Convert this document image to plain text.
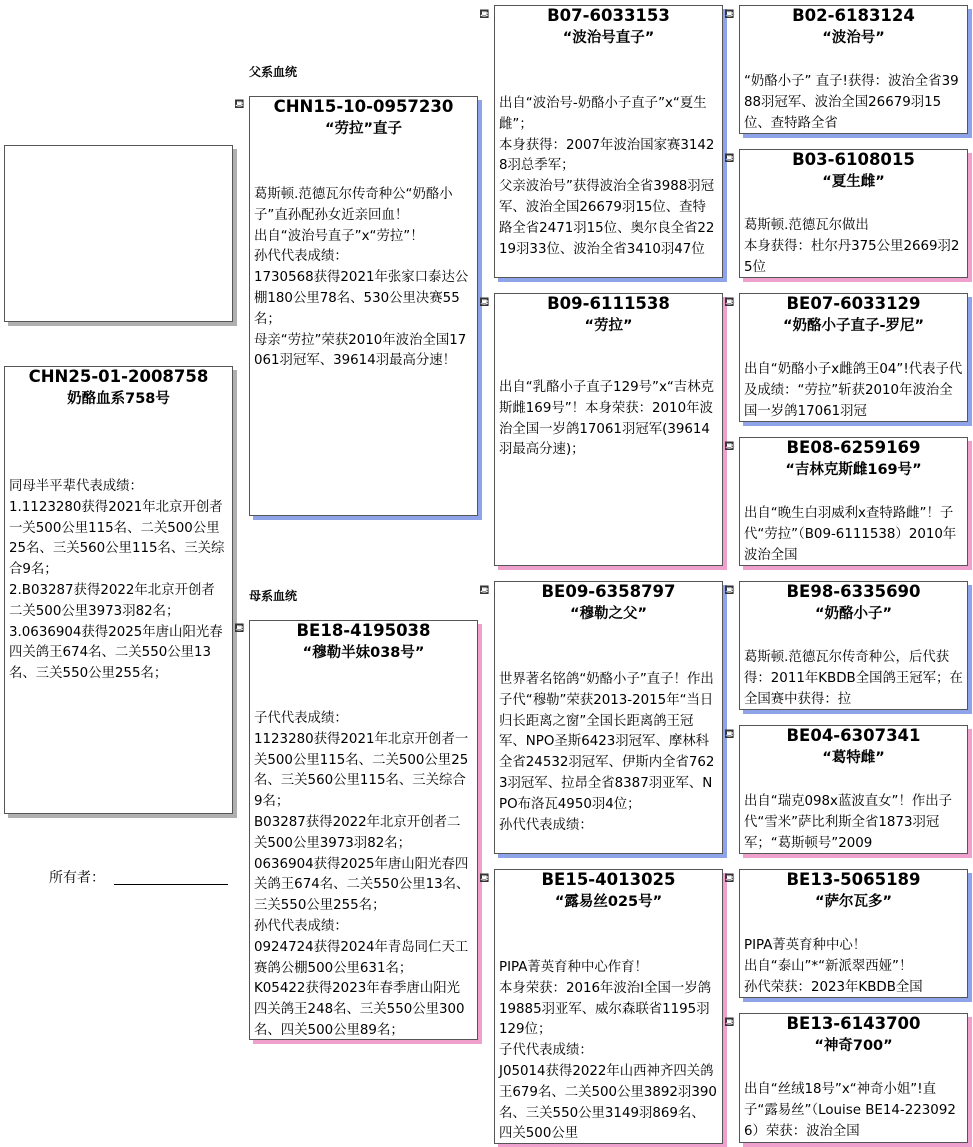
CHN25-01-2008758
奶酪血系758号
同母半平辈代表成绩：
1.1123280获得2021年北京开创者一关500公里115名、二关500公里25名、三关560公里115名、三关综合9名；
2.B03287获得2022年北京开创者二关500公里3973羽82名；
3.0636904获得2025年唐山阳光春四关鸽王674名、二关550公里13名、三关550公里255名；
所有者：
父系血统
母系血统
⛾	CHN15-10-0957230
“劳拉”直子
葛斯顿.范德瓦尔传奇种公“奶酪小子”直孙配孙女近亲回血！
出自“波治号直子”x“劳拉”！
孙代代表成绩：
1730568获得2021年张家口泰达公棚180公里78名、530公里决赛55名；
母亲“劳拉”荣获2010年波治全国17061羽冠军、39614羽最高分速！
⛾	BE18-4195038
“穆勒半妹038号”
子代代表成绩：
1123280获得2021年北京开创者一关500公里115名、二关500公里25名、三关560公里115名、三关综合9名；
B03287获得2022年北京开创者二关500公里3973羽82名；
0636904获得2025年唐山阳光春四关鸽王674名、二关550公里13名、三关550公里255名；
孙代代表成绩：
0924724获得2024年青岛同仁天工赛鸽公棚500公里631名；
K05422获得2023年春季唐山阳光四关鸽王248名、三关550公里300名、四关500公里89名；
⛾	B07-6033153
“波治号直子”
出自“波治号-奶酪小子直子”x“夏生雌”；
本身获得：2007年波治国家赛31428羽总季军；
父亲波治号”获得波治全省3988羽冠军、波治全国26679羽15位、查特路全省2471羽15位、奥尔良全省2219羽33位、波治全省3410羽47位
⛾	B09-6111538
“劳拉”
出自“乳酪小子直子129号”x“吉林克斯雌169号”！本身荣获：2010年波治全国一岁鸽17061羽冠军(39614羽最高分速)；
⛾	BE09-6358797
“穆勒之父”
世界著名铭鸽“奶酪小子”直子！作出子代“穆勒”荣获2013-2015年“当日归长距离之窗”全国长距离鸽王冠军、NPO圣斯6423羽冠军、摩林科全省24532羽冠军、伊斯内全省7623羽冠军、拉昂全省8387羽亚军、NPO布洛瓦4950羽4位；
孙代代表成绩：
⛾	BE15-4013025
“露易丝025号”
PIPA菁英育种中心作育！
本身荣获：2016年波治I全国一岁鸽19885羽亚军、威尔森联省1195羽129位；
子代代表成绩：
J05014获得2022年山西神齐四关鸽王679名、二关500公里3892羽390名、三关550公里3149羽869名、四关500公里
⛾	B02-6183124
“波治号”
“奶酪小子” 直子!获得：波治全省3988羽冠军、波治全国26679羽15位、查特路全省
⛾	B03-6108015
“夏生雌”
葛斯顿.范德瓦尔做出
本身获得：杜尔丹375公里2669羽25位
⛾	BE07-6033129
“奶酪小子直子-罗尼”
出自“奶酪小子x雌鸽王04”!代表子代及成绩：“劳拉”斩获2010年波治全国一岁鸽17061羽冠
⛾	BE08-6259169
“吉林克斯雌169号”
出自“晚生白羽威利x查特路雌”！子代“劳拉”（B09-6111538）2010年波治全国
⛾	BE98-6335690
“奶酪小子”
葛斯顿.范德瓦尔传奇种公，后代获得：2011年KBDB全国鸽王冠军；在全国赛中获得：拉
⛾	BE04-6307341
“葛特雌”
出自“瑞克098x蓝波直女”！作出子代“雪米”萨比利斯全省1873羽冠军；“葛斯顿号”2009
⛾	BE13-5065189
“萨尔瓦多”
PIPA菁英育种中心！
出自“泰山”*“新派翠西娅”！
孙代荣获：2023年KBDB全国
⛾	BE13-6143700
“神奇700”
出自“丝绒18号”x“神奇小姐”!直子“露易丝”（Louise BE14-2230926）荣获：波治全国
